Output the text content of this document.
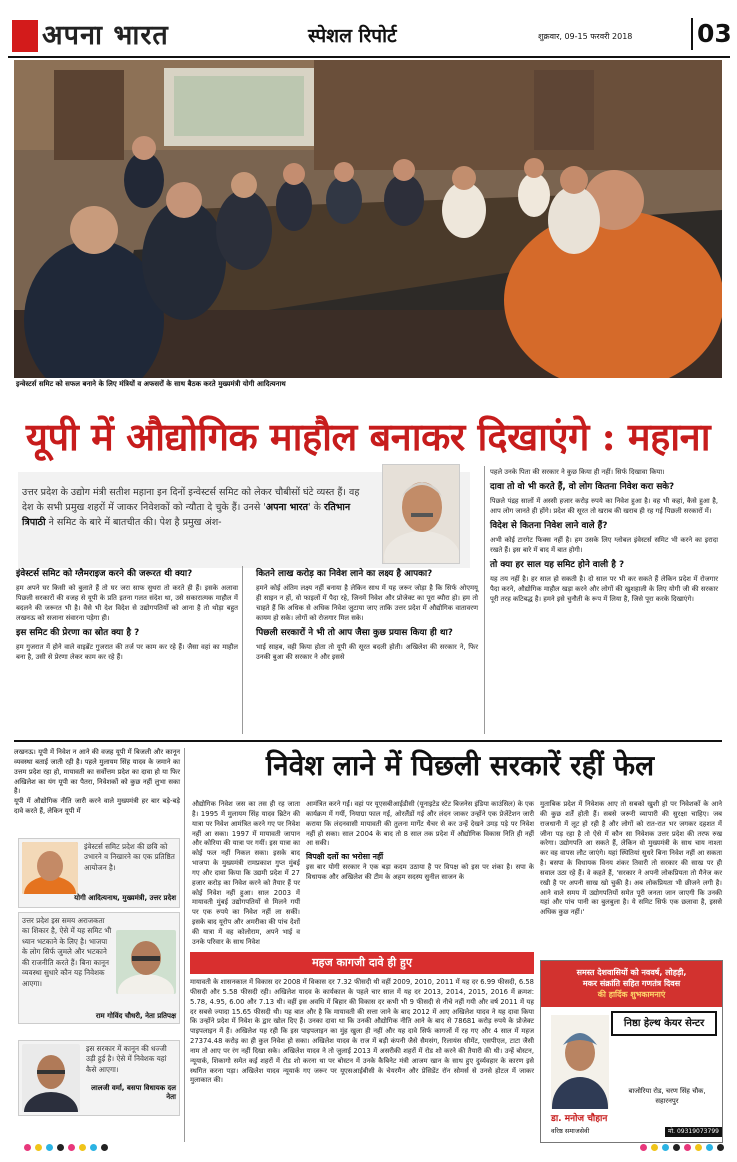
अपना भारत	स्पेशल रिपोर्ट	शुक्रवार, 09-15 फरवरी 2018	03
इन्वेस्टर्स समिट को सफल बनाने के लिए मंत्रियों व अफसरों के साथ बैठक करते मुख्यमंत्री योगी आदित्यनाथ
यूपी में औद्योगिक माहौल बनाकर दिखाएंगे : महाना
उत्तर प्रदेश के उद्योग मंत्री सतीश महाना इन दिनों इन्वेस्टर्स समिट को लेकर चौबीसों घंटे व्यस्त हैं। वह देश के सभी प्रमुख शहरों में जाकर निवेशकों को न्यौता दे चुके हैं। उनसे 'अपना भारत' के रतिभान त्रिपाठी ने समिट के बारे में बातचीत की। पेश है प्रमुख अंश-
इंवेस्टर्स समिट को ग्लैमराइज करने की जरूरत थी क्या?

हम अपने घर किसी को बुलाते हैं तो घर जरा साफ सुथरा तो करते ही हैं। इसके अलावा पिछली सरकारों की वजह से यूपी के प्रति इतना गलत संदेश था, उसे सकारात्मक माहौल में बदलने की जरूरत भी है। वैसे भी देश विदेश से उद्योगपतियों को आना है तो थोड़ा बहुत लखनऊ को सजाना संवारना पड़ेगा ही।

इस समिट की प्रेरणा का स्रोत क्या है ?

हम गुजरात में होने वाले वाइब्रेंट गुजरात की तर्ज पर काम कर रहे हैं। जैसा वहां का माहौल बना है, उसी से प्रेरणा लेकर काम कर रहे हैं।

कितने लाख करोड़ का निवेश लाने का लक्ष्य है आपका?

हमने कोई अंतिम लक्ष्य नहीं बनाया है लेकिन साथ में यह जरूर जोड़ा है कि सिर्फ ओएमयू ही साइन न हों, वो फाइलों में पैदा रहे, जिनमें निवेश और प्रोजेक्ट का पूरा ब्यौरा हो। हम तो चाहते हैं कि अधिक से अधिक निवेश जुटाया जाए ताकि उत्तर प्रदेश में औद्योगिक वातावरण कायम हो सके। लोगों को रोजगार मिल सके।

पिछली सरकारों ने भी तो आप जैसा कुछ प्रयास किया ही था?

भाई साहब, वही किया होता तो यूपी की सूरत बदली होती। अखिलेश की सरकार ने, फिर उनकी बुआ की सरकार ने और इससे

पहले उनके पिता की सरकार ने कुछ किया ही नहीं। सिर्फ दिखावा किया।

दावा तो वो भी करते हैं, वो लोग कितना निवेश करा सके?

पिछले पंद्रह सालों में अस्सी हजार करोड़ रुपये का निवेश हुआ है। वह भी कहां, कैसे हुआ है, आप लोग जानते ही होंगे। प्रदेश की सूरत तो खराब की खराब ही रह गई पिछली सरकारों में।

विदेश से कितना निवेश लाने वाले हैं?

अभी कोई टारगेट फिक्स नहीं है। हम उसके लिए ग्लोबल इंवेस्टर्स समिट भी करने का इरादा रखते हैं। इस बारे में बाद में बात होगी।

तो क्या हर साल यह समिट होने वाली है ?

यह तय नहीं है। हर साल हो सकती है। दो साल पर भी कर सकते हैं लेकिन प्रदेश में रोजगार पैदा करने, औद्योगिक माहौल खड़ा करने और लोगों की खुशहाली के लिए योगी जी की सरकार पूरी तरह कटिबद्ध है। हमने इसे चुनौती के रूप में लिया है, जिसे पूरा करके दिखाएंगे।

लखनऊ। यूपी में निवेश न आने की वजह यूपी में बिजली और कानून व्यवस्था बताई जाती रही है। पहले मुलायम सिंह यादव के जमाने का उत्तम प्रदेश रहा हो, मायावती का सर्वोत्तम प्रदेश का दावा हो या फिर अखिलेश का यंग यूपी का पैतरा, निवेशकों को कुछ नहीं लुभा सका है।
यूपी में औद्योगिक नीति जारी करने वाले मुख्यमंत्री हर बार बड़े-बड़े दावे करते हैं, लेकिन यूपी में
इंवेस्टर्स समिट प्रदेश की छवि को उभारने व निखारने का एक प्रतिष्ठित आयोजन है।
योगी आदित्यनाथ, मुख्यमंत्री, उत्तर प्रदेश
उत्तर प्रदेश इस समय अराजकता का शिकार है, ऐसे में यह समिट भी ध्यान भटकाने के लिए है। भाजपा के लोग सिर्फ जुमले और भटकाने की राजनीति करते हैं। बिना कानून व्यवस्था सुधारे कौन यह निवेशक आएगा।
राम गोविंद चौधरी, नेता प्रतिपक्ष
इस सरकार में कानून की धज्जी उड़ी हुई है। ऐसे में निवेशक यहां कैसे आएगा।
लालजी वर्मा, बसपा विधायक दल नेता
निवेश लाने में पिछली सरकारें रहीं फेल
औद्योगिक निवेश जस का तस ही रह जाता है। 1995 में मुलायम सिंह यादव ब्रिटेन की यात्रा पर निवेश आमंत्रित करने गए पर निवेश नहीं आ सका। 1997 में मायावती जापान और कोरिया की यात्रा पर गयीं। इस यात्रा का कोई फल नहीं निकल सका। इसके बाद भाजपा के मुख्यमंत्री रामप्रकाश गुप्त मुंबई गए और दावा किया कि उद्यमी प्रदेश में 27 हजार करोड़ का निवेश करने को तैयार हैं पर कोई निवेश नहीं हुआ। साल 2003 में मायावती मुंबई उद्योगपतियों से मिलने गयीं पर एक रुपये का निवेश नहीं ला सकीं। इसके बाद यूरोप और अमरीका की पांच देशों की यात्रा में वह कोलोराम, अपने भाई व उनके परिवार के साथ निवेश
आमंत्रित करने गईं। वहां पर यूएसबीआईडीसी (यूनाइटेड स्टेट बिजनेस इंडिया काउंसिल) के एक कार्यक्रम में गयीं, नियाग्रा फाल गईं, ओरलैंडों गई और लंदन जाकर उन्होंने एक प्रेजेंटेशन जारी कराया कि लंदनवासी मायावती की तुलना मार्गेट थैचर से कर उन्हें देखने उमड़ पड़े पर निवेश नहीं हो सका। साल 2004 के बाद तो 8 साल तक प्रदेश में औद्योगिक विकास निति ही नहीं आ सकी।
विपक्षी दलों का भरोसा नहीं
इस बार योगी सरकार ने एक बड़ा कदम उठाया है पर विपक्ष को इस पर शंका है। सपा के विधायक और अखिलेश की टीम के अहम सदस्य सुनील साजन के
मुताबिक प्रदेश में निवेशक आए तो सबको खुशी हो पर निवेशकों के आने की कुछ शर्तें होती हैं। सबसे जरूरी व्यापारी की सुरक्षा चाहिए। जब राजधानी में लूट हो रही है और लोगों को रात-रात भर जगकर दहशत में जीना पड़ रहा है तो ऐसे में कौन सा निवेशक उत्तर प्रदेश की तरफ रुख करेगा। उद्योगपति आ सकते हैं, लेकिन वो मुख्यमंत्री के साथ चाय नाश्ता कर वह वापस लौट जाएंगे। यहां स्थितियां सुधरे बिना निवेश नहीं आ सकता है। बसपा के विधायक विनय शंकर तिवारी तो सरकार की साख पर ही सवाल उठा रहे हैं। वे कहते हैं, 'सरकार ने अपनी लोकप्रियता तो मैनेज कर रखी है पर अपनी साख खो चुकी है। अब लोकप्रियता भी छीजने लगी है। आने वाले समय में उद्योगपतियों समेत पूरी जनता जान जाएगी कि उनकी यहां और पांच पानी का बुलबुला है। ये समिट सिर्फ एक छलावा है, इससे अधिक कुछ नहीं।'
महज कागजी दावे ही हुए
मायावती के शासनकाल में विकास दर 2008 में विकास दर 7.32 फीसदी थी वहीं 2009, 2010, 2011 में यह दर 6.99 फीसदी, 6.58 फीसदी और 5.58 फीसदी रही। अखिलेश यादव के कार्यकाल के पहले चार साल में यह दर 2013, 2014, 2015, 2016 में क्रमश: 5.78, 4.95, 6.00 और 7.13 थी। वहीं इस अवधि में बिहार की विकास दर कभी भी 9 फीसदी से नीचे नहीं गयी और वर्ष 2011 में यह दर सबसे ज्यादा 15.65 फीसदी थी। यह बात और है कि मायावती की सत्ता जाने के बाद 2012 में आए अखिलेश यादव ने यह दावा किया कि उन्होंने प्रदेश में निवेश के द्वार खोल दिए हैं। उनका दावा था कि उनकी औद्योगिक नीति आने के बाद से 78681 करोड़ रुपये के प्रोजेक्ट पाइपलाइन में हैं। अखिलेश यह रही कि इस पाइपलाइन का मुंह खुला ही नहीं और यह दावे सिर्फ कागजों में रह गए और 4 साल में महज 27374.48 करोड़ का ही कुल निवेश हो सका। अखिलेश यादव के राज में बड़ी कंपनी जैसे सैमसंग, रिलायंस सीमेंट, एसपीएल, टाटा जैसी नाम तो आए पर रंग नहीं दिखा सके। अखिलेश यादव ने तो जुलाई 2013 में असरीकी शहरों में रोड शो करने की तैयारी की थी। उन्हें बोस्टन, न्यूयार्क, शिकागो समेत कई शहरों में रोड शो करना था पर बोस्टन में उनके कैबिनेट मंत्री आजम खान के साथ हुए दुर्व्यवहार के कारण इसे स्थगित करना पड़ा। अखिलेश यादव न्यूयार्क गए जरूर पर यूएसआईबीसी के चेयरमैन और प्रेसिडेंट रॉन सोमर्स से उनसे होटल में जाकर मुलाकात की।
समस्त देशवासियों को नववर्ष, लोहड़ी,
मकर संक्रांति सहित गणतंत्र दिवस
की हार्दिक शुभकामनाएं
निष्ठा हेल्थ केयर सेन्टर
बाजोरिया रोड, चरण सिंह चौक, सहारनपुर
डा. मनोज चौहान
वरिष्ठ समाजसेवी	मो. 09319073799
